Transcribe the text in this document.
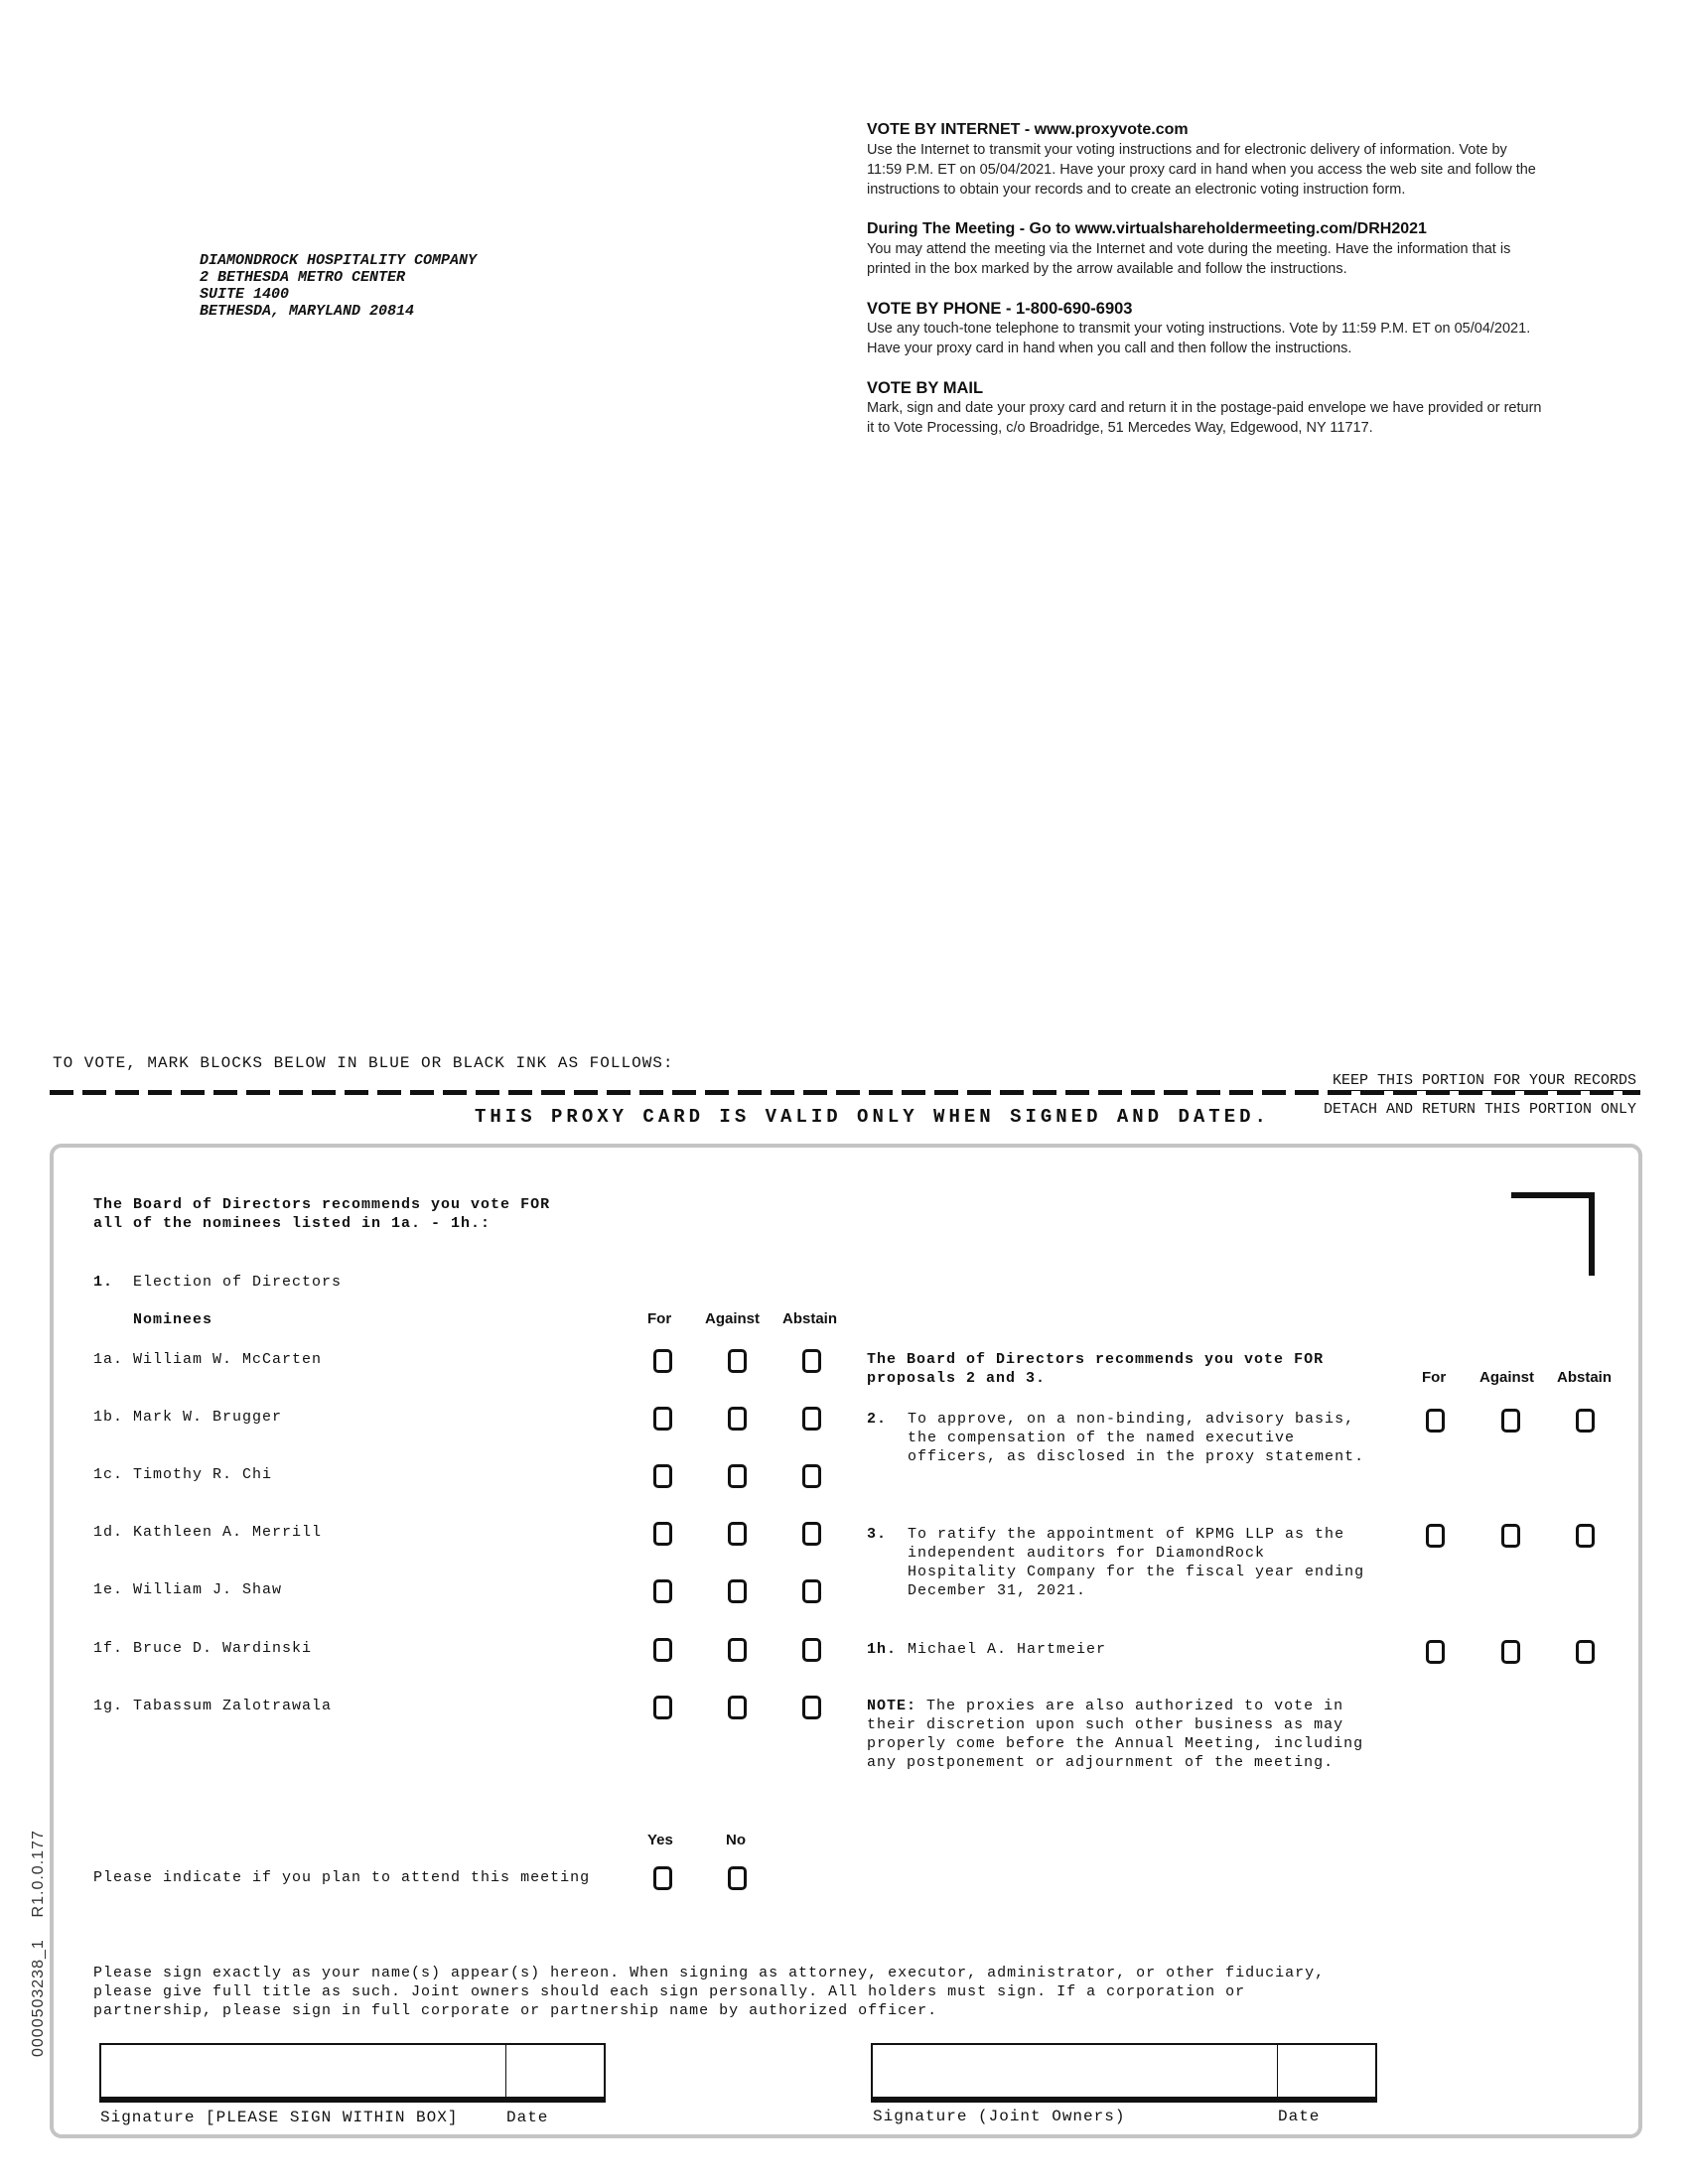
DIAMONDROCK HOSPITALITY COMPANY
2 BETHESDA METRO CENTER
SUITE 1400
BETHESDA, MARYLAND 20814
VOTE BY INTERNET - www.proxyvote.com
Use the Internet to transmit your voting instructions and for electronic delivery of information. Vote by 11:59 P.M. ET on 05/04/2021. Have your proxy card in hand when you access the web site and follow the instructions to obtain your records and to create an electronic voting instruction form.
During The Meeting - Go to www.virtualshareholdermeeting.com/DRH2021
You may attend the meeting via the Internet and vote during the meeting. Have the information that is printed in the box marked by the arrow available and follow the instructions.
VOTE BY PHONE - 1-800-690-6903
Use any touch-tone telephone to transmit your voting instructions. Vote by 11:59 P.M. ET on 05/04/2021. Have your proxy card in hand when you call and then follow the instructions.
VOTE BY MAIL
Mark, sign and date your proxy card and return it in the postage-paid envelope we have provided or return it to Vote Processing, c/o Broadridge, 51 Mercedes Way, Edgewood, NY 11717.
TO VOTE, MARK BLOCKS BELOW IN BLUE OR BLACK INK AS FOLLOWS:
KEEP THIS PORTION FOR YOUR RECORDS
THIS PROXY CARD IS VALID ONLY WHEN SIGNED AND DATED.	DETACH AND RETURN THIS PORTION ONLY
The Board of Directors recommends you vote FOR
all of the nominees listed in 1a. - 1h.:
1. Election of Directors
Nominees	For Against Abstain
1a. William W. McCarten
1b. Mark W. Brugger
1c. Timothy R. Chi
1d. Kathleen A. Merrill
1e. William J. Shaw
1f. Bruce D. Wardinski
1g. Tabassum Zalotrawala
The Board of Directors recommends you vote FOR
proposals 2 and 3.	For Against Abstain
2. To approve, on a non-binding, advisory basis,
the compensation of the named executive
officers, as disclosed in the proxy statement.
3. To ratify the appointment of KPMG LLP as the
independent auditors for DiamondRock
Hospitality Company for the fiscal year ending
December 31, 2021.
1h. Michael A. Hartmeier
NOTE: The proxies are also authorized to vote in
their discretion upon such other business as may
properly come before the Annual Meeting, including
any postponement or adjournment of the meeting.
Yes	No
Please indicate if you plan to attend this meeting
Please sign exactly as your name(s) appear(s) hereon. When signing as attorney, executor, administrator, or other fiduciary,
please give full title as such. Joint owners should each sign personally. All holders must sign. If a corporation or
partnership, please sign in full corporate or partnership name by authorized officer.
Signature [PLEASE SIGN WITHIN BOX]	Date	Signature (Joint Owners)	Date
0000503238_1    R1.0.0.177
